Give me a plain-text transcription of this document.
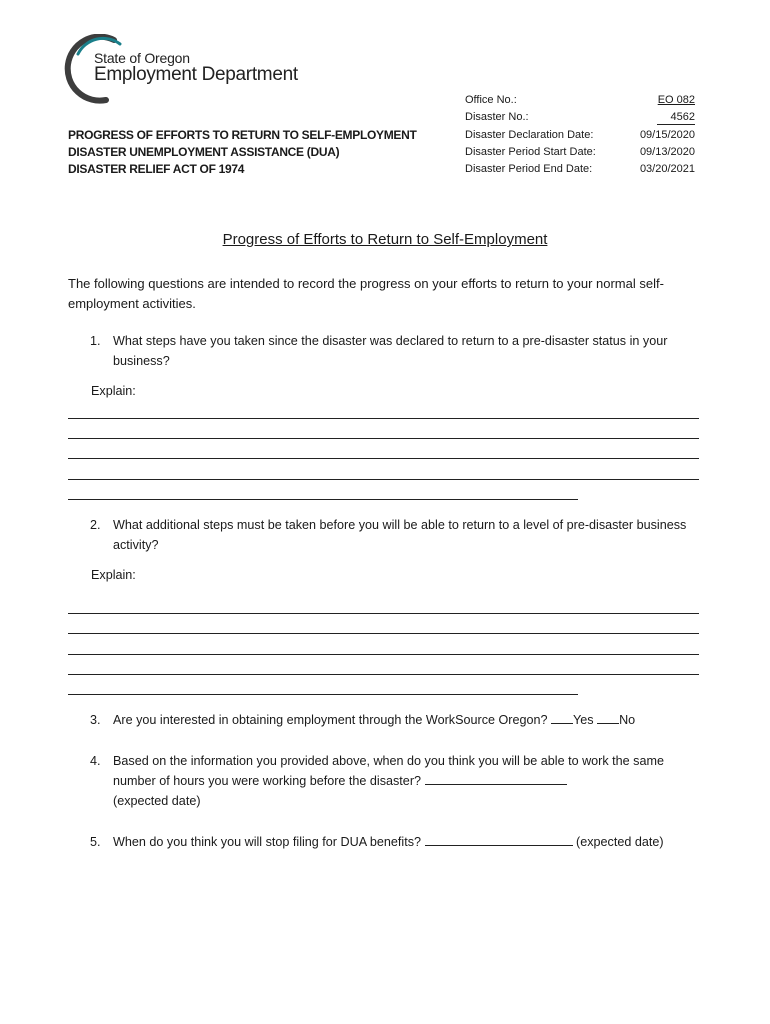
State of Oregon
Employment Department
PROGRESS OF EFFORTS TO RETURN TO SELF-EMPLOYMENT
DISASTER UNEMPLOYMENT ASSISTANCE (DUA)
DISASTER RELIEF ACT OF 1974
Office No.:	EO 082
Disaster No.:	4562
Disaster Declaration Date:	09/15/2020
Disaster Period Start Date:	09/13/2020
Disaster Period End Date:	03/20/2021
Progress of Efforts to Return to Self-Employment
The following questions are intended to record the progress on your efforts to return to your normal self-employment activities.
1. What steps have you taken since the disaster was declared to return to a pre-disaster status in your business?
Explain:
2. What additional steps must be taken before you will be able to return to a level of pre-disaster business activity?
Explain:
3. Are you interested in obtaining employment through the WorkSource Oregon? Yes No
4. Based on the information you provided above, when do you think you will be able to work the same number of hours you were working before the disaster?
(expected date)
5. When do you think you will stop filing for DUA benefits?	(expected date)
